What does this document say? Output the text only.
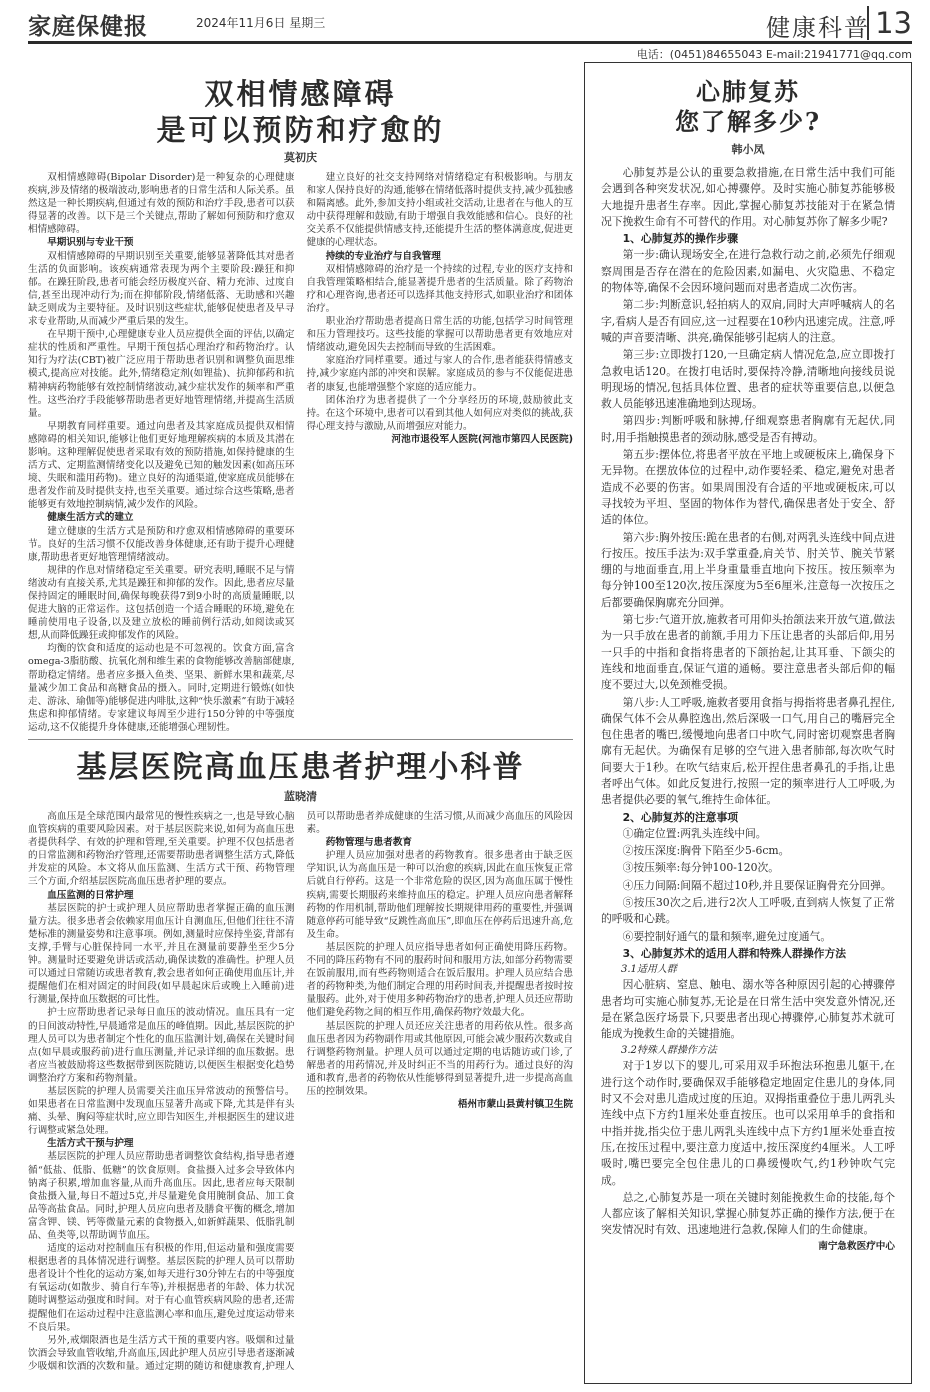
家庭保健报	2024年11月6日 星期三	健康科普 13
电话：(0451)84655043 E-mail:21941771@qq.com
双相情感障碍
是可以预防和疗愈的
莫初庆

双相情感障碍(Bipolar Disorder)是一种复杂的心理健康疾病,涉及情绪的极端波动,影响患者的日常生活和人际关系。虽然这是一种长期疾病,但通过有效的预防和治疗手段,患者可以获得显著的改善。以下是三个关键点,帮助了解如何预防和疗愈双相情感障碍。

早期识别与专业干预

双相情感障碍的早期识别至关重要,能够显著降低其对患者生活的负面影响。该疾病通常表现为两个主要阶段:躁狂和抑郁。在躁狂阶段,患者可能会经历极度兴奋、精力充沛、过度自信,甚至出现冲动行为;而在抑郁阶段,情绪低落、无助感和兴趣缺乏则成为主要特征。及时识别这些症状,能够促使患者及早寻求专业帮助,从而减少严重后果的发生。

在早期干预中,心理健康专业人员应提供全面的评估,以确定症状的性质和严重性。早期干预包括心理治疗和药物治疗。认知行为疗法(CBT)被广泛应用于帮助患者识别和调整负面思维模式,提高应对技能。此外,情绪稳定剂(如锂盐)、抗抑郁药和抗精神病药物能够有效控制情绪波动,减少症状发作的频率和严重性。这些治疗手段能够帮助患者更好地管理情绪,并提高生活质量。

早期教育同样重要。通过向患者及其家庭成员提供双相情感障碍的相关知识,能够让他们更好地理解疾病的本质及其潜在影响。这种理解促使患者采取有效的预防措施,如保持健康的生活方式、定期监测情绪变化以及避免已知的触发因素(如高压环境、失眠和滥用药物)。建立良好的沟通渠道,使家庭成员能够在患者发作前及时提供支持,也至关重要。通过综合这些策略,患者能够更有效地控制病情,减少发作的风险。

健康生活方式的建立

建立健康的生活方式是预防和疗愈双相情感障碍的重要环节。良好的生活习惯不仅能改善身体健康,还有助于提升心理健康,帮助患者更好地管理情绪波动。

规律的作息对情绪稳定至关重要。研究表明,睡眠不足与情绪波动有直接关系,尤其是躁狂和抑郁的发作。因此,患者应尽量保持固定的睡眠时间,确保每晚获得7到9小时的高质量睡眠,以促进大脑的正常运作。这包括创造一个适合睡眠的环境,避免在睡前使用电子设备,以及建立放松的睡前例行活动,如阅读或冥想,从而降低躁狂或抑郁发作的风险。

均衡的饮食和适度的运动也是不可忽视的。饮食方面,富含omega-3脂肪酸、抗氧化剂和维生素的食物能够改善脑部健康,帮助稳定情绪。患者应多摄入鱼类、坚果、新鲜水果和蔬菜,尽量减少加工食品和高糖食品的摄入。同时,定期进行锻炼(如快走、游泳、瑜伽等)能够促进内啡肽,这种“快乐激素”有助于减轻焦虑和抑郁情绪。专家建议每周至少进行150分钟的中等强度运动,这不仅能提升身体健康,还能增强心理韧性。

建立良好的社交支持网络对情绪稳定有积极影响。与朋友和家人保持良好的沟通,能够在情绪低落时提供支持,减少孤独感和隔离感。此外,参加支持小组或社交活动,让患者在与他人的互动中获得理解和鼓励,有助于增强自我效能感和信心。良好的社交关系不仅能提供情感支持,还能提升生活的整体满意度,促进更健康的心理状态。

持续的专业治疗与自我管理

双相情感障碍的治疗是一个持续的过程,专业的医疗支持和自我管理策略相结合,能显著提升患者的生活质量。除了药物治疗和心理咨询,患者还可以选择其他支持形式,如职业治疗和团体治疗。

职业治疗帮助患者提高日常生活的功能,包括学习时间管理和压力管理技巧。这些技能的掌握可以帮助患者更有效地应对情绪波动,避免因失去控制而导致的生活困难。

家庭治疗同样重要。通过与家人的合作,患者能获得情感支持,减少家庭内部的冲突和误解。家庭成员的参与不仅能促进患者的康复,也能增强整个家庭的适应能力。

团体治疗为患者提供了一个分享经历的环境,鼓励彼此支持。在这个环境中,患者可以看到其他人如何应对类似的挑战,获得心理支持与激励,从而增强应对能力。

河池市退役军人医院(河池市第四人民医院)
基层医院高血压患者护理小科普
蓝晓清

高血压是全球范围内最常见的慢性疾病之一,也是导致心脑血管疾病的重要风险因素。对于基层医院来说,如何为高血压患者提供科学、有效的护理和管理,至关重要。护理不仅包括患者的日常监测和药物治疗管理,还需要帮助患者调整生活方式,降低并发症的风险。本文将从血压监测、生活方式干预、药物管理三个方面,介绍基层医院高血压患者护理的要点。

血压监测的日常护理

基层医院的护士或护理人员应帮助患者掌握正确的血压测量方法。很多患者会依赖家用血压计自测血压,但他们往往不清楚标准的测量姿势和注意事项。例如,测量时应保持坐姿,背部有支撑,手臂与心脏保持同一水平,并且在测量前要静坐至少5分钟。测量时还要避免讲话或活动,确保读数的准确性。护理人员可以通过日常随访或患者教育,教会患者如何正确使用血压计,并提醒他们在相对固定的时间段(如早晨起床后或晚上入睡前)进行测量,保持血压数据的可比性。

护士应帮助患者记录每日血压的波动情况。血压具有一定的日间波动特性,早晨通常是血压的峰值期。因此,基层医院的护理人员可以为患者制定个性化的血压监测计划,确保在关键时间点(如早晨或服药前)进行血压测量,并记录详细的血压数据。患者应当被鼓励将这些数据带到医院随访,以便医生根据变化趋势调整治疗方案和药物剂量。

基层医院的护理人员需要关注血压异常波动的预警信号。如果患者在日常监测中发现血压显著升高或下降,尤其是伴有头痛、头晕、胸闷等症状时,应立即告知医生,并根据医生的建议进行调整或紧急处理。

生活方式干预与护理

基层医院的护理人员应帮助患者调整饮食结构,指导患者遵循“低盐、低脂、低糖”的饮食原则。食盐摄入过多会导致体内钠离子积累,增加血容量,从而升高血压。因此,患者应每天限制食盐摄入量,每日不超过5克,并尽量避免食用腌制食品、加工食品等高盐食品。同时,护理人员应向患者及膳食平衡的概念,增加富含钾、镁、钙等微量元素的食物摄入,如新鲜蔬果、低脂乳制品、鱼类等,以帮助调节血压。

适度的运动对控制血压有积极的作用,但运动量和强度需要根据患者的具体情况进行调整。基层医院的护理人员可以帮助患者设计个性化的运动方案,如每天进行30分钟左右的中等强度有氧运动(如散步、骑自行车等),并根据患者的年龄、体力状况随时调整运动强度和时间。对于有心血管疾病风险的患者,还需提醒他们在运动过程中注意监测心率和血压,避免过度运动带来不良后果。

另外,戒烟限酒也是生活方式干预的重要内容。吸烟和过量饮酒会导致血管收缩,升高血压,因此护理人员应引导患者逐渐减少吸烟和饮酒的次数和量。通过定期的随访和健康教育,护理人员可以帮助患者养成健康的生活习惯,从而减少高血压的风险因素。

药物管理与患者教育

护理人员应加强对患者的药物教育。很多患者由于缺乏医学知识,认为高血压是一种可以治愈的疾病,因此在血压恢复正常后就自行停药。这是一个非常危险的误区,因为高血压属于慢性疾病,需要长期服药来维持血压的稳定。护理人员应向患者解释药物的作用机制,帮助他们理解按长期规律用药的重要性,并强调随意停药可能导致“反跳性高血压”,即血压在停药后迅速升高,危及生命。

基层医院的护理人员应指导患者如何正确使用降压药物。不同的降压药物有不同的服药时间和服用方法,如部分药物需要在饭前服用,而有些药物则适合在饭后服用。护理人员应结合患者的药物种类,为他们制定合理的用药时间表,并提醒患者按时按量服药。此外,对于使用多种药物治疗的患者,护理人员还应帮助他们避免药物之间的相互作用,确保药物疗效最大化。

基层医院的护理人员还应关注患者的用药依从性。很多高血压患者因为药物副作用或其他原因,可能会减少服药次数或自行调整药物剂量。护理人员可以通过定期的电话随访或门诊,了解患者的用药情况,并及时纠正不当的用药行为。通过良好的沟通和教育,患者的药物依从性能够得到显著提升,进一步提高高血压的控制效果。

梧州市蒙山县黄村镇卫生院
心肺复苏
您了解多少?
韩小凤

心肺复苏是公认的重要急救措施,在日常生活中我们可能会遇到各种突发状况,如心搏骤停。及时实施心肺复苏能够极大地提升患者生存率。因此,掌握心肺复苏技能对于在紧急情况下挽救生命有不可替代的作用。对心肺复苏你了解多少呢?

1、心肺复苏的操作步骤

第一步:确认现场安全,在进行急救行动之前,必须先仔细观察周围是否存在潜在的危险因素,如漏电、火灾隐患、不稳定的物体等,确保不会因环境问题而对患者造成二次伤害。

第二步:判断意识,轻拍病人的双肩,同时大声呼喊病人的名字,看病人是否有回应,这一过程要在10秒内迅速完成。注意,呼喊的声音要清晰、洪亮,确保能够引起病人的注意。

第三步:立即拨打120,一旦确定病人情况危急,应立即拨打急救电话120。在拨打电话时,要保持冷静,清晰地向接线员说明现场的情况,包括具体位置、患者的症状等重要信息,以便急救人员能够迅速准确地到达现场。

第四步:判断呼吸和脉搏,仔细观察患者胸廓有无起伏,同时,用手指触摸患者的颈动脉,感受是否有搏动。

第五步:摆体位,将患者平放在平地上或硬板床上,确保身下无异物。在摆放体位的过程中,动作要轻柔、稳定,避免对患者造成不必要的伤害。如果周围没有合适的平地或硬板床,可以寻找较为平坦、坚固的物体作为替代,确保患者处于安全、舒适的体位。

第六步:胸外按压:跪在患者的右侧,对两乳头连线中间点进行按压。按压手法为:双手掌重叠,肩关节、肘关节、腕关节紧绷的与地面垂直,用上半身重量垂直地向下按压。按压频率为每分钟100至120次,按压深度为5至6厘米,注意每一次按压之后都要确保胸廓充分回弹。

第七步:气道开放,施救者可用仰头抬颌法来开放气道,做法为一只手放在患者的前额,手用力下压让患者的头部后仰,用另一只手的中指和食指将患者的下颌抬起,让其耳垂、下颌尖的连线和地面垂直,保证气道的通畅。要注意患者头部后仰的幅度不要过大,以免颈椎受损。

第八步:人工呼吸,施救者要用食指与拇指将患者鼻孔捏住,确保气体不会从鼻腔逸出,然后深吸一口气,用自己的嘴唇完全包住患者的嘴巴,缓慢地向患者口中吹气,同时密切观察患者胸廓有无起伏。为确保有足够的空气进入患者肺部,每次吹气时间要大于1秒。在吹气结束后,松开捏住患者鼻孔的手指,让患者呼出气体。如此反复进行,按照一定的频率进行人工呼吸,为患者提供必要的氧气,维持生命体征。

2、心肺复苏的注意事项

①确定位置:两乳头连线中间。

②按压深度:胸骨下陷至少5-6cm。

③按压频率:每分钟100-120次。

④压力间隔:间隔不超过10秒,并且要保证胸骨充分回弹。

⑤按压30次之后,进行2次人工呼吸,直到病人恢复了正常的呼吸和心跳。

⑥要控制好通气的量和频率,避免过度通气。

3、心肺复苏术的适用人群和特殊人群操作方法
3.1适用人群

因心脏病、窒息、触电、溺水等各种原因引起的心搏骤停患者均可实施心肺复苏,无论是在日常生活中突发意外情况,还是在紧急医疗场景下,只要患者出现心搏骤停,心肺复苏术就可能成为挽救生命的关键措施。

3.2特殊人群操作方法

对于1岁以下的婴儿,可采用双手环抱法环抱患儿躯干,在进行这个动作时,要确保双手能够稳定地固定住患儿的身体,同时又不会对患儿造成过度的压迫。双拇指重叠位于患儿两乳头连线中点下方约1厘米处垂直按压。也可以采用单手的食指和中指并拢,指尖位于患儿两乳头连线中点下方约1厘米处垂直按压,在按压过程中,要注意力度适中,按压深度约4厘米。人工呼吸时,嘴巴要完全包住患儿的口鼻缓慢吹气,约1秒钟吹气完成。

总之,心肺复苏是一项在关键时刻能挽救生命的技能,每个人都应该了解相关知识,掌握心肺复苏正确的操作方法,便于在突发情况时有效、迅速地进行急救,保障人们的生命健康。

南宁急救医疗中心
